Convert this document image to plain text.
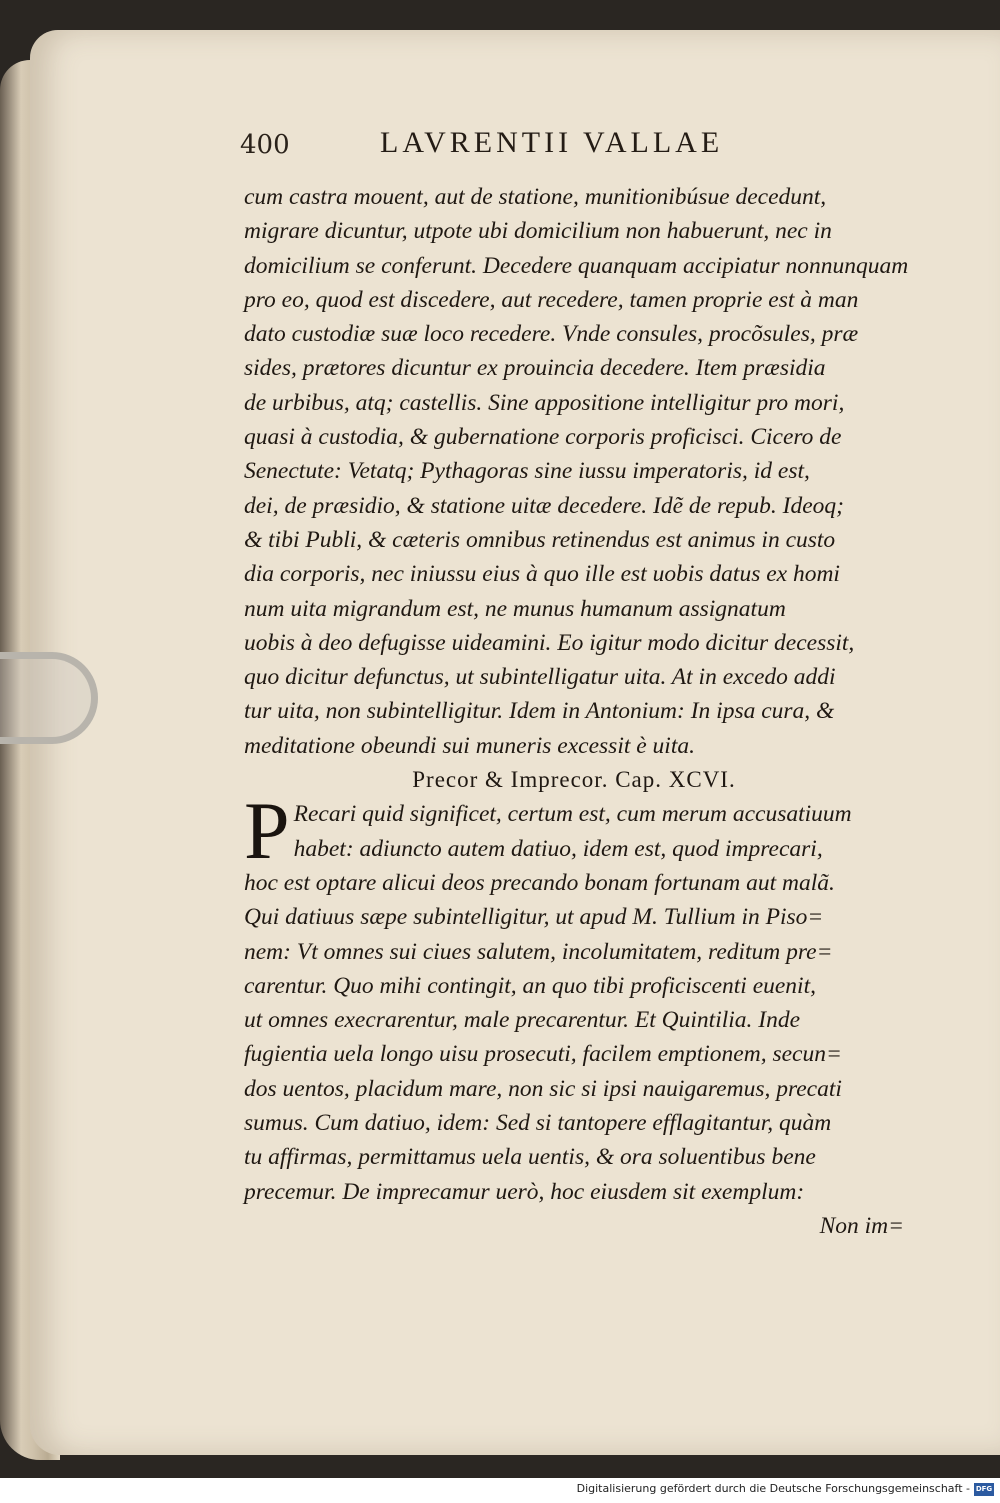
400	LAVRENTII VALLAE
cum castra mouent, aut de statione, munitionibúsue decedunt,
migrare dicuntur, utpote ubi domicilium non habuerunt, nec in
domicilium se conferunt. Decedere quanquam accipiatur nonnunquam
pro eo, quod est discedere, aut recedere, tamen proprie est à man
dato custodiæ suæ loco recedere. Vnde consules, procõsules, præ
sides, prætores dicuntur ex prouincia decedere. Item præsidia
de urbibus, atq; castellis. Sine appositione intelligitur pro mori,
quasi à custodia, & gubernatione corporis proficisci. Cicero de
Senectute: Vetatq; Pythagoras sine iussu imperatoris, id est,
dei, de præsidio, & statione uitæ decedere. Idẽ de repub. Ideoq;
& tibi Publi, & cæteris omnibus retinendus est animus in custo
dia corporis, nec iniussu eius à quo ille est uobis datus ex homi
num uita migrandum est, ne munus humanum assignatum
uobis à deo defugisse uideamini. Eo igitur modo dicitur decessit,
quo dicitur defunctus, ut subintelligatur uita. At in excedo addi
tur uita, non subintelligitur. Idem in Antonium: In ipsa cura, &
meditatione obeundi sui muneris excessit è uita.
Precor & Imprecor. Cap. XCVI.
P Recari quid significet, certum est, cum merum accusatiuum
habet: adiuncto autem datiuo, idem est, quod imprecari,
hoc est optare alicui deos precando bonam fortunam aut malã.
Qui datiuus sæpe subintelligitur, ut apud M. Tullium in Piso=
nem: Vt omnes sui ciues salutem, incolumitatem, reditum pre=
carentur. Quo mihi contingit, an quo tibi proficiscenti euenit,
ut omnes execrarentur, male precarentur. Et Quintilia. Inde
fugientia uela longo uisu prosecuti, facilem emptionem, secun=
dos uentos, placidum mare, non sic si ipsi nauigaremus, precati
sumus. Cum datiuo, idem: Sed si tantopere efflagitantur, quàm
tu affirmas, permittamus uela uentis, & ora soluentibus bene
precemur. De imprecamur uerò, hoc eiusdem sit exemplum:
Non im=
Digitalisierung gefördert durch die Deutsche Forschungsgemeinschaft - DFG
